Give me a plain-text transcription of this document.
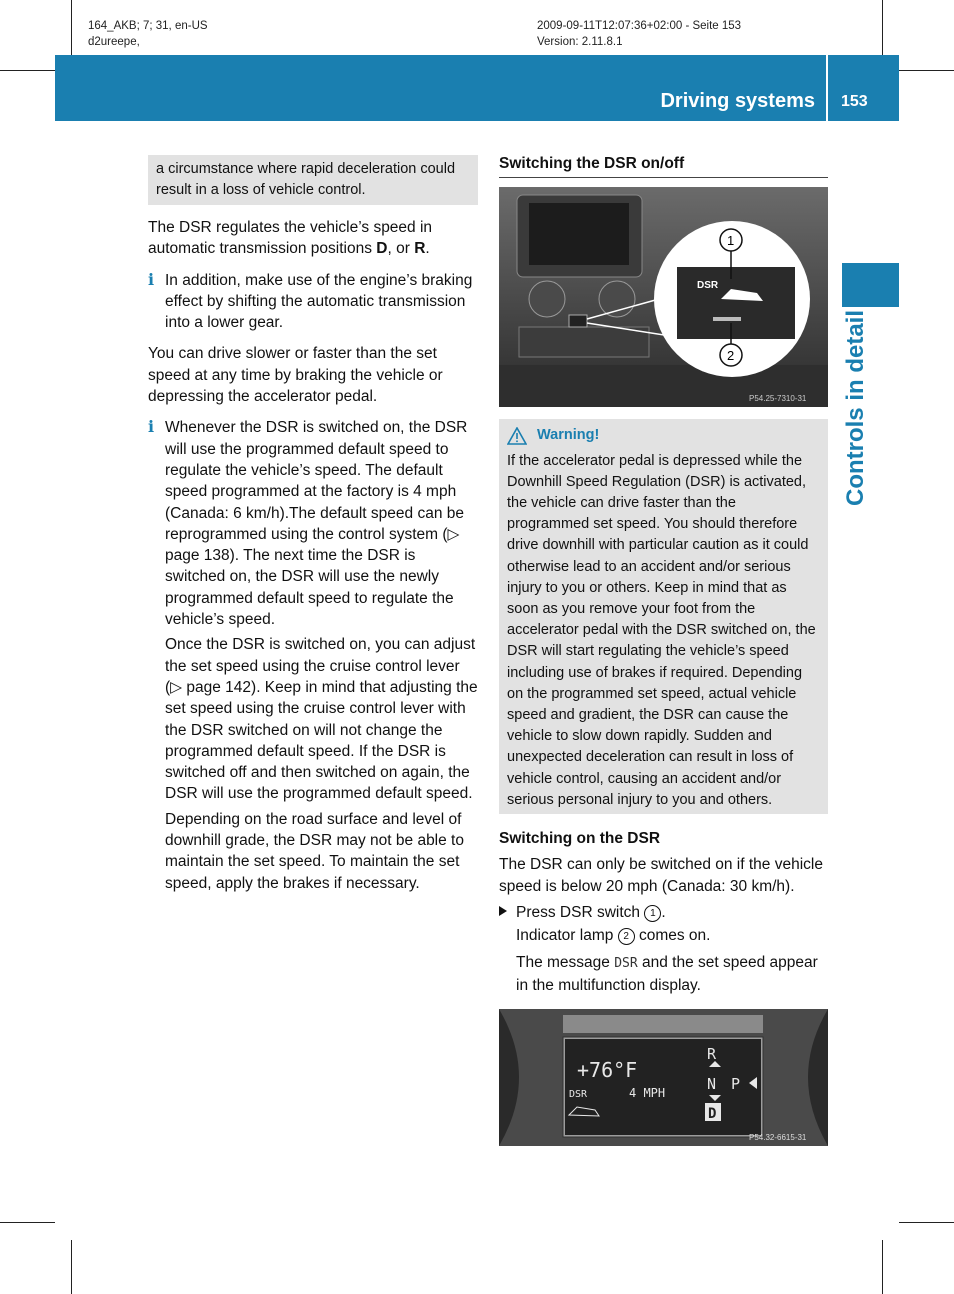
164_AKB; 7; 31, en-US
d2ureepe,
2009-09-11T12:07:36+02:00 - Seite 153
Version: 2.11.8.1
Driving systems 153
Controls in detail
a circumstance where rapid deceleration could result in a loss of vehicle control.

The DSR regulates the vehicle’s speed in automatic transmission positions D, or R.

i In addition, make use of the engine’s braking effect by shifting the automatic transmission into a lower gear.

You can drive slower or faster than the set speed at any time by braking the vehicle or depressing the accelerator pedal.

i Whenever the DSR is switched on, the DSR will use the programmed default speed to regulate the vehicle’s speed. The default speed programmed at the factory is 4 mph (Canada: 6 km/h).The default speed can be reprogrammed using the control system (▷ page 138). The next time the DSR is switched on, the DSR will use the newly programmed default speed to regulate the vehicle’s speed.

Once the DSR is switched on, you can adjust the set speed using the cruise control lever (▷ page 142). Keep in mind that adjusting the set speed using the cruise control lever with the DSR switched on will not change the programmed default speed. If the DSR is switched off and then switched on again, the DSR will use the programmed default speed.

Depending on the road surface and level of downhill grade, the DSR may not be able to maintain the set speed. To maintain the set speed, apply the brakes if necessary.

Switching the DSR on/off
DSR
1
2
P54.25-7310-31
Warning!
If the accelerator pedal is depressed while the Downhill Speed Regulation (DSR) is activated, the vehicle can drive faster than the programmed set speed. You should therefore drive downhill with particular caution as it could otherwise lead to an accident and/or serious injury to you or others. Keep in mind that as soon as you remove your foot from the accelerator pedal with the DSR switched on, the DSR will start regulating the vehicle’s speed including use of brakes if required. Depending on the programmed set speed, actual vehicle speed and gradient, the DSR can cause the vehicle to slow down rapidly. Sudden and unexpected deceleration can result in loss of vehicle control, causing an accident and/or serious personal injury to you and others.
Switching on the DSR

The DSR can only be switched on if the vehicle speed is below 20 mph (Canada: 30 km/h).

Press DSR switch 1 .
Indicator lamp 2 comes on.
The message DSR and the set speed appear in the multifunction display.
+76°F
DSR	4 MPH
R
N P
D
P54.32-6615-31
